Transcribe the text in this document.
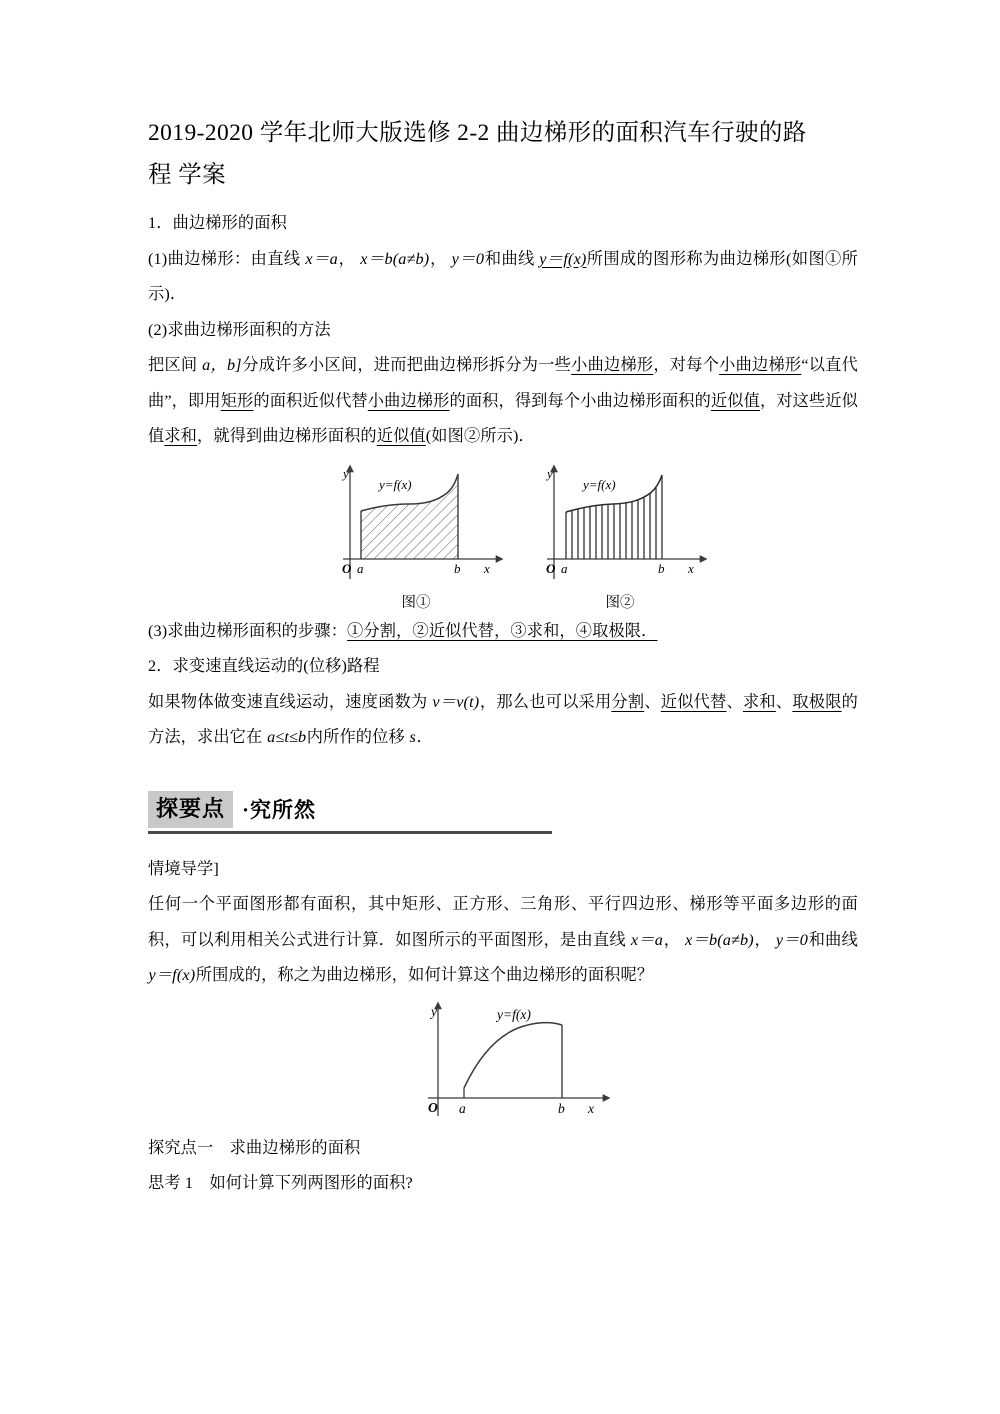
2019-2020 学年北师大版选修 2-2 曲边梯形的面积汽车行驶的路
程 学案

1．曲边梯形的面积

(1)曲边梯形：由直线 x＝a， x＝b(a≠b)， y＝0和曲线 y＝f(x)所围成的图形称为曲边梯形(如图①所示)．

(2)求曲边梯形面积的方法

把区间 a，b]分成许多小区间，进而把曲边梯形拆分为一些小曲边梯形，对每个小曲边梯形“以直代曲”，即用矩形的面积近似代替小曲边梯形的面积，得到每个小曲边梯形面积的近似值，对这些近似值求和，就得到曲边梯形面积的近似值(如图②所示)．

O a	b x
y
y=f(x)
图①
O a	b x
y
y=f(x)
图②

(3)求曲边梯形面积的步骤：①分割，②近似代替，③求和，④取极限．

2．求变速直线运动的(位移)路程

如果物体做变速直线运动，速度函数为 v＝v(t)，那么也可以采用分割、近似代替、求和、取极限的方法，求出它在 a≤t≤b内所作的位移 s．

探要点 ·究所然

情境导学]

任何一个平面图形都有面积，其中矩形、正方形、三角形、平行四边形、梯形等平面多边形的面积，可以利用相关公式进行计算．如图所示的平面图形，是由直线 x＝a， x＝b(a≠b)， y＝0和曲线 y＝f(x)所围成的，称之为曲边梯形，如何计算这个曲边梯形的面积呢？

O a	b x
y	y=f(x)

探究点一　求曲边梯形的面积

思考 1　如何计算下列两图形的面积?
